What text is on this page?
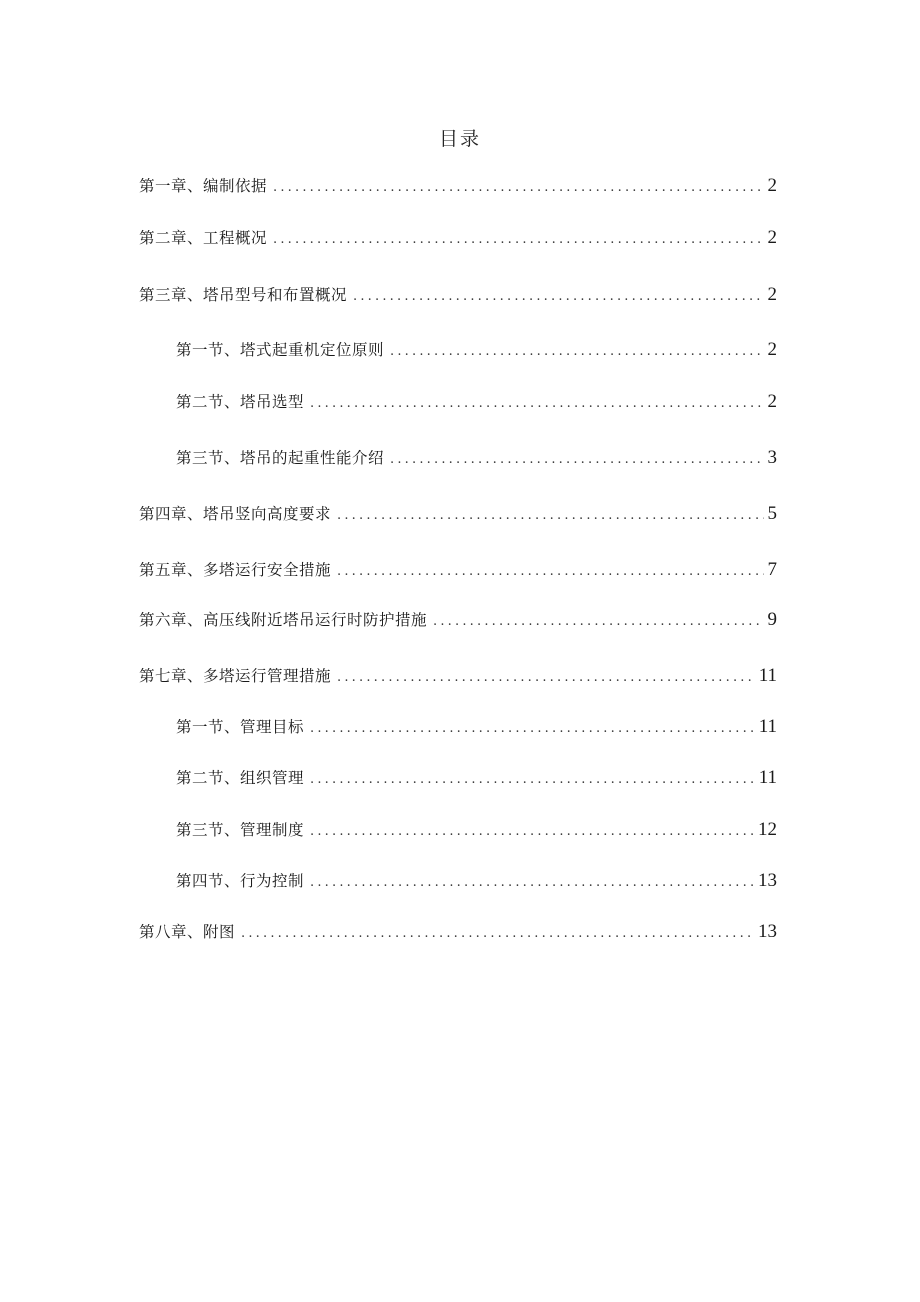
目录
第一章、编制依据 .....	2
第二章、工程概况 .....	2
第三章、塔吊型号和布置概况 .....	2
第一节、塔式起重机定位原则 .....	2
第二节、塔吊选型 .....	2
第三节、塔吊的起重性能介绍 .....	3
第四章、塔吊竖向高度要求 .....	5
第五章、多塔运行安全措施 .....	7
第六章、高压线附近塔吊运行时防护措施 .....	9
第七章、多塔运行管理措施 .....	11
第一节、管理目标 .....	11
第二节、组织管理 .....	11
第三节、管理制度 .....	12
第四节、行为控制 .....	13
第八章、附图 .....	13
